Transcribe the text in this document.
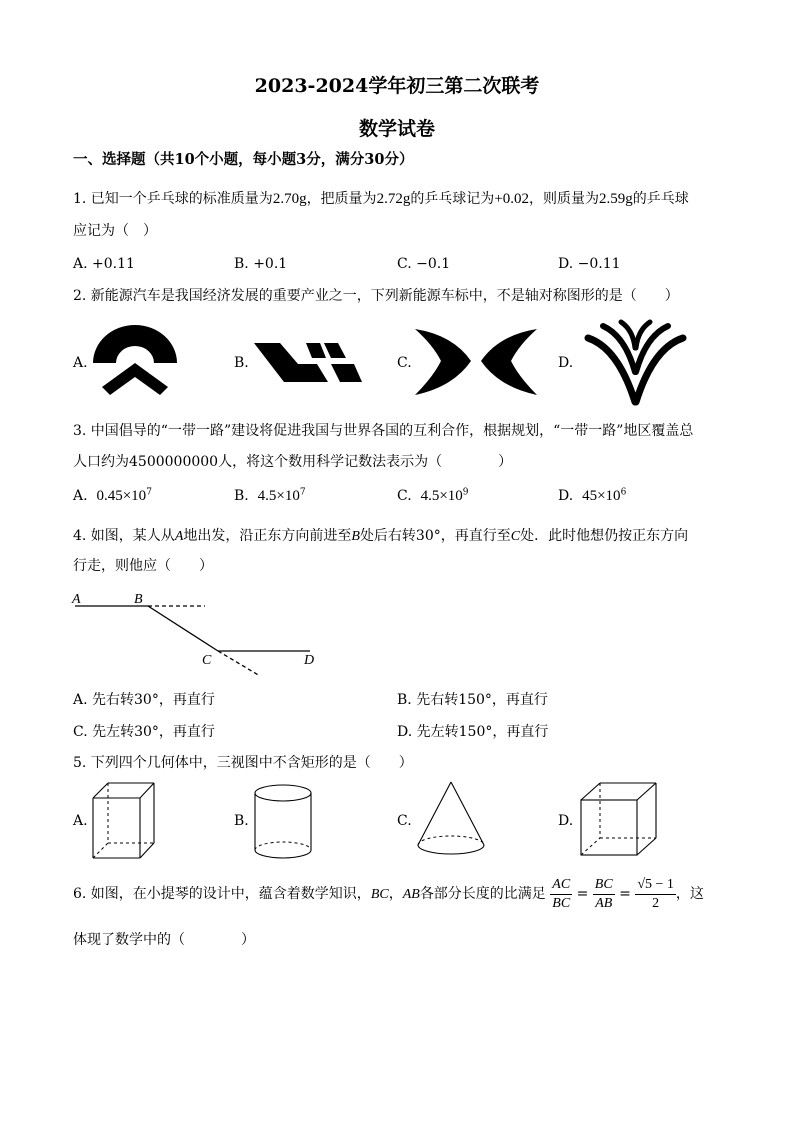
2023-2024学年初三第二次联考
数学试卷
一、选择题（共10个小题，每小题3分，满分30分）
1. 已知一个乒乓球的标准质量为2.70g，把质量为2.72g的乒乓球记为+0.02，则质量为2.59g的乒乓球
应记为（　）
A. +0.11	B. +0.1	C. −0.1	D. −0.11
2. 新能源汽车是我国经济发展的重要产业之一，下列新能源车标中，不是轴对称图形的是（　　）
A.	B.	C.	D.
3. 中国倡导的“一带一路”建设将促进我国与世界各国的互利合作，根据规划，“一带一路”地区覆盖总
人口约为4500000000人，将这个数用科学记数法表示为（　　　　）
A. $0.45\times 10^7$	B. $4.5\times 10^7$	C. $4.5\times 10^9$	D. $45\times 10^6$
4. 如图，某人从A地出发，沿正东方向前进至B处后右转30°，再直行至C处．此时他想仍按正东方向
行走，则他应（　　）
A	B
C	D
A. 先右转30°，再直行	B. 先右转150°，再直行
C. 先左转30°，再直行	D. 先左转150°，再直行
5. 下列四个几何体中，三视图中不含矩形的是（　　）
A.	B.	C.	D.
6. 如图，在小提琴的设计中，蕴含着数学知识，BC，AB各部分长度的比满足 $\frac{AC}{BC} = \frac{BC}{AB} = \frac{√5 - 1}{2}$ ，这
体现了数学中的（　　　　）
